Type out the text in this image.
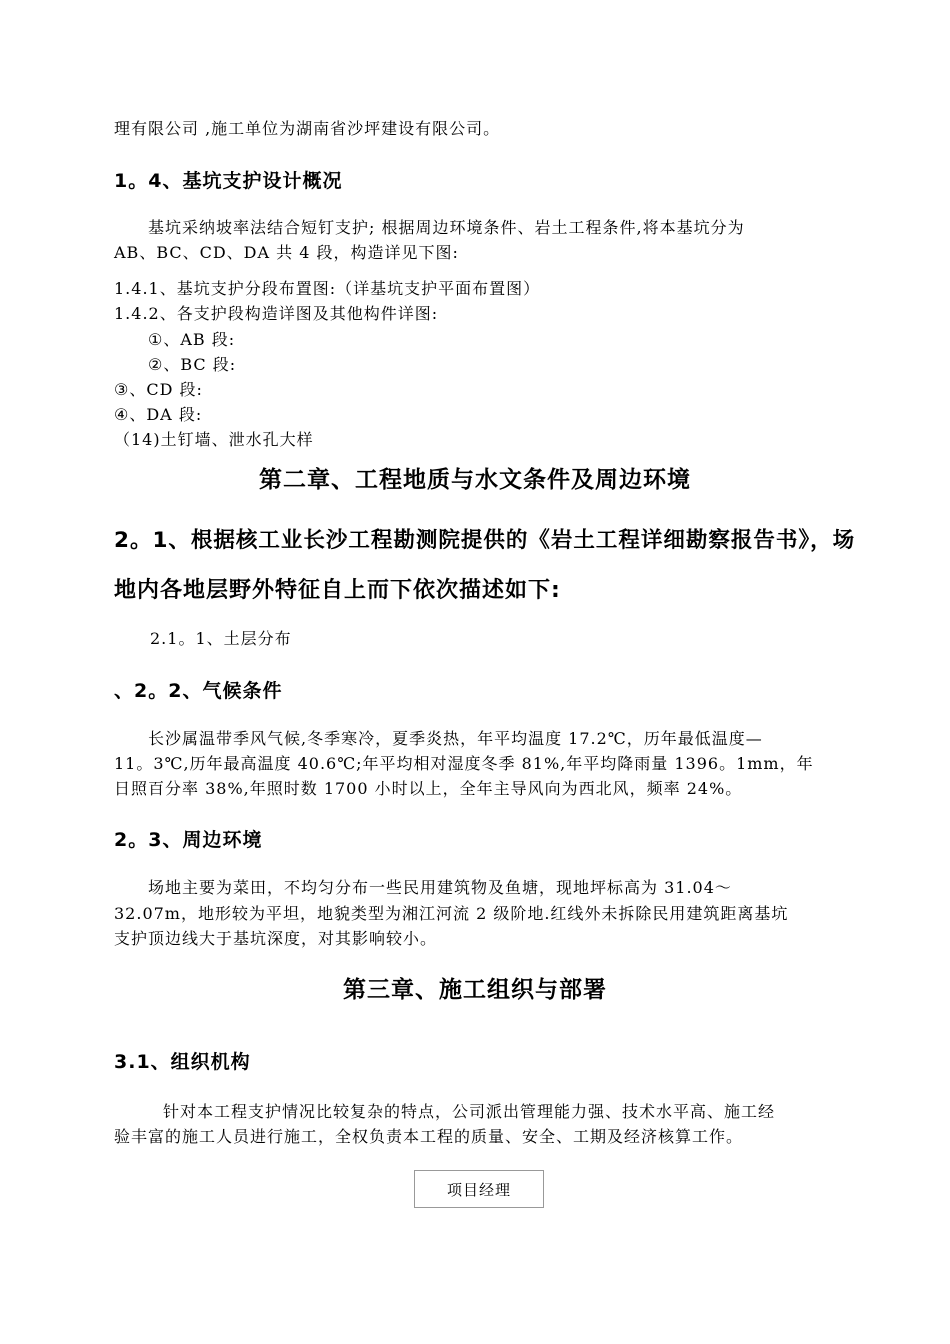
理有限公司 ,施工单位为湖南省沙坪建设有限公司。
1。4、基坑支护设计概况
基坑采纳坡率法结合短钉支护; 根据周边环境条件、岩土工程条件,将本基坑分为
AB、BC、CD、DA 共 4 段，构造详见下图:
1.4.1、基坑支护分段布置图:（详基坑支护平面布置图）
1.4.2、各支护段构造详图及其他构件详图:
①、AB 段:
②、BC 段:
③、CD 段:
④、DA 段:
（14)土钉墙、泄水孔大样
第二章、工程地质与水文条件及周边环境
2。1、根据核工业长沙工程勘测院提供的《岩土工程详细勘察报告书》，场
地内各地层野外特征自上而下依次描述如下:
2.1。1、土层分布
、2。2、气候条件
长沙属温带季风气候,冬季寒冷，夏季炎热，年平均温度 17.2℃，历年最低温度—
11。3℃,历年最高温度 40.6℃;年平均相对湿度冬季 81%,年平均降雨量 1396。1mm，年
日照百分率 38%,年照时数 1700 小时以上，全年主导风向为西北风，频率 24%。
2。3、周边环境
场地主要为菜田，不均匀分布一些民用建筑物及鱼塘，现地坪标高为 31.04～
32.07m，地形较为平坦，地貌类型为湘江河流 2 级阶地.红线外未拆除民用建筑距离基坑
支护顶边线大于基坑深度，对其影响较小。
第三章、施工组织与部署
3.1、组织机构
针对本工程支护情况比较复杂的特点，公司派出管理能力强、技术水平高、施工经
验丰富的施工人员进行施工，全权负责本工程的质量、安全、工期及经济核算工作。
项目经理
